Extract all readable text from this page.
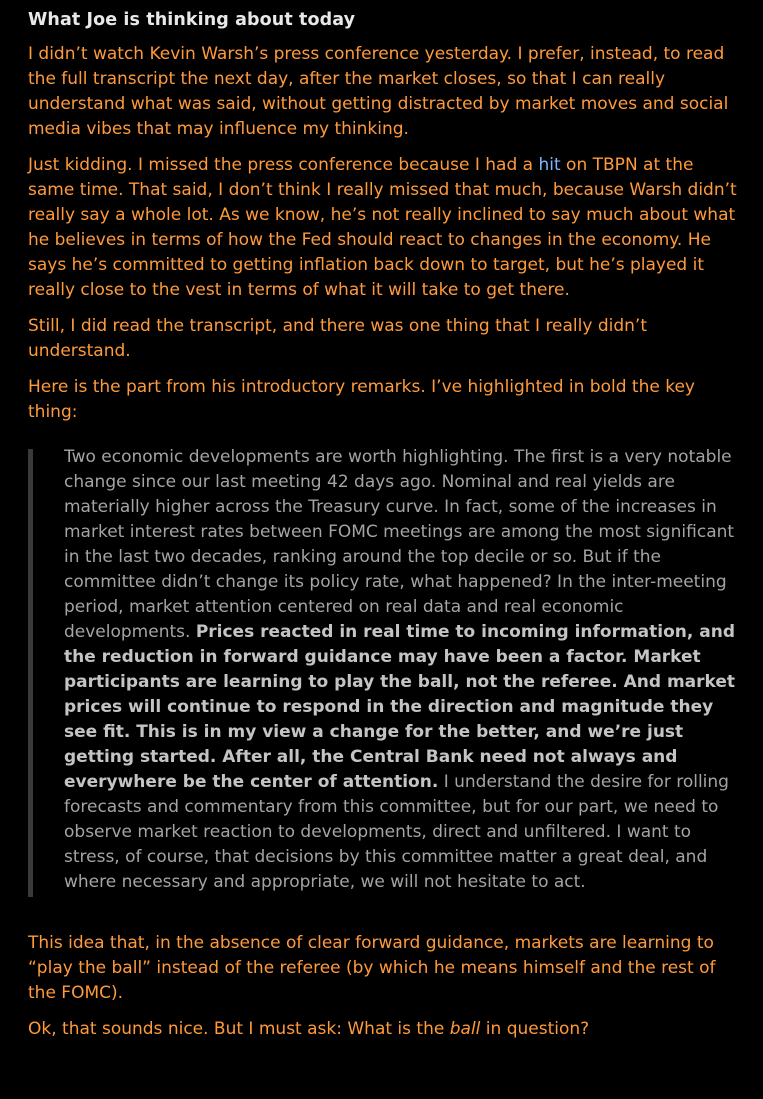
What Joe is thinking about today

I didn’t watch Kevin Warsh’s press conference yesterday. I prefer, instead, to read the full transcript the next day, after the market closes, so that I can really understand what was said, without getting distracted by market moves and social media vibes that may influence my thinking.

Just kidding. I missed the press conference because I had a hit on TBPN at the same time. That said, I don’t think I really missed that much, because Warsh didn’t really say a whole lot. As we know, he’s not really inclined to say much about what he believes in terms of how the Fed should react to changes in the economy. He says he’s committed to getting inflation back down to target, but he’s played it really close to the vest in terms of what it will take to get there.

Still, I did read the transcript, and there was one thing that I really didn’t understand.

Here is the part from his introductory remarks. I’ve highlighted in bold the key thing:

Two economic developments are worth highlighting. The first is a very notable change since our last meeting 42 days ago. Nominal and real yields are materially higher across the Treasury curve. In fact, some of the increases in market interest rates between FOMC meetings are among the most significant in the last two decades, ranking around the top decile or so. But if the committee didn’t change its policy rate, what happened? In the inter-meeting period, market attention centered on real data and real economic developments. Prices reacted in real time to incoming information, and the reduction in forward guidance may have been a factor. Market participants are learning to play the ball, not the referee. And market prices will continue to respond in the direction and magnitude they see fit. This is in my view a change for the better, and we’re just getting started. After all, the Central Bank need not always and everywhere be the center of attention. I understand the desire for rolling forecasts and commentary from this committee, but for our part, we need to observe market reaction to developments, direct and unfiltered. I want to stress, of course, that decisions by this committee matter a great deal, and where necessary and appropriate, we will not hesitate to act.

This idea that, in the absence of clear forward guidance, markets are learning to “play the ball” instead of the referee (by which he means himself and the rest of the FOMC).

Ok, that sounds nice. But I must ask: What is the ball in question?
